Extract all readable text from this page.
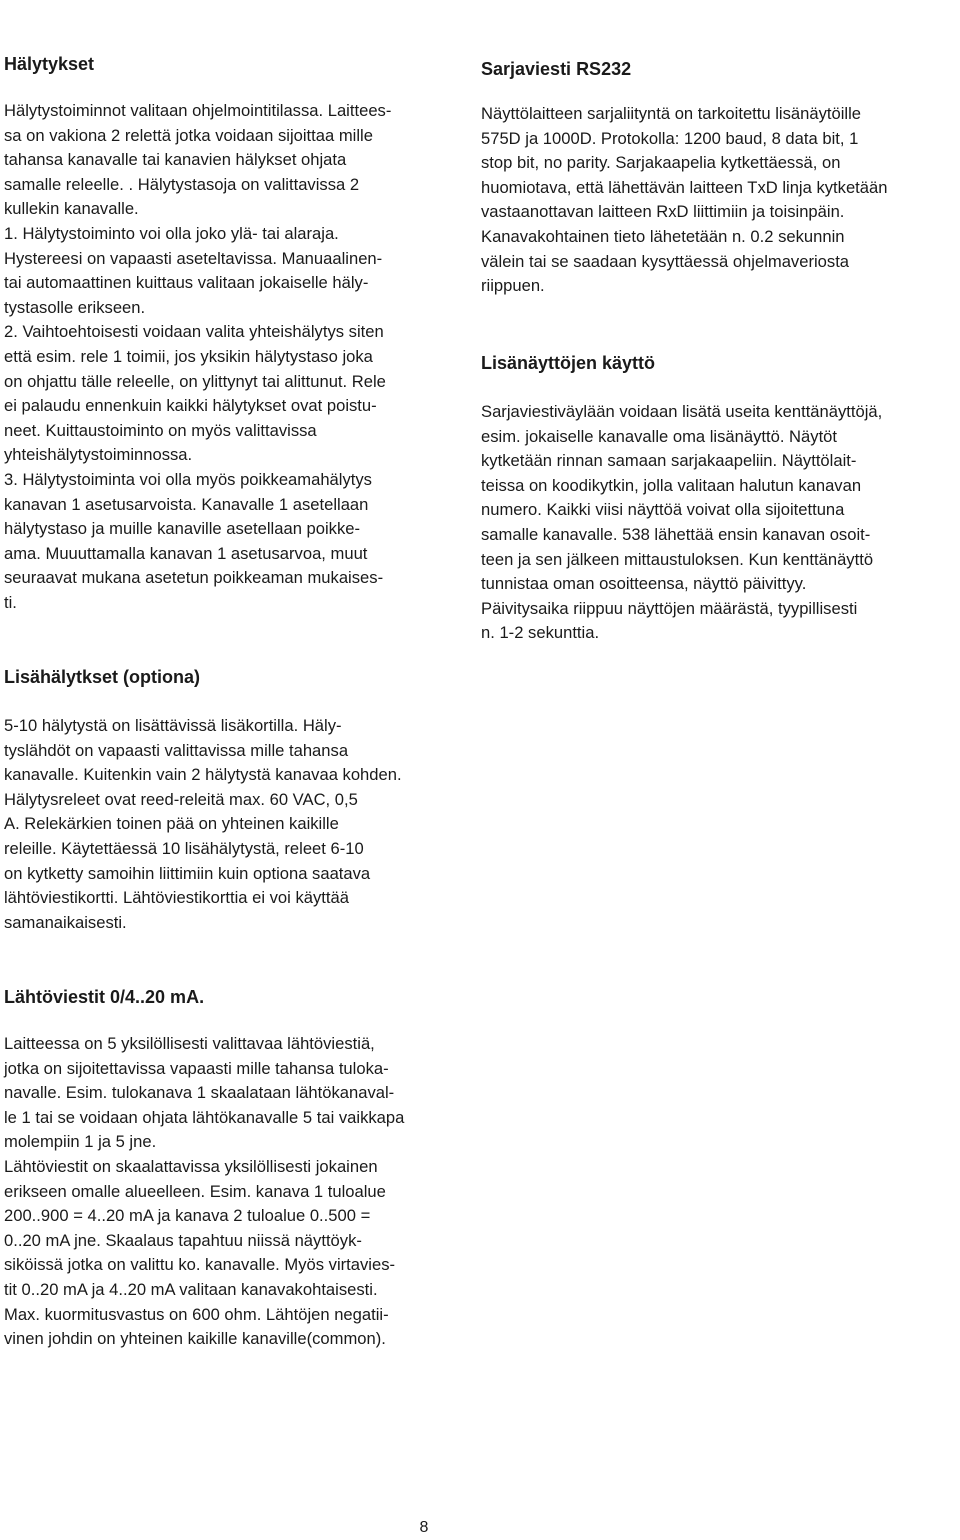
Hälytykset
Hälytystoiminnot valitaan ohjelmointitilassa. Laittees-
sa on vakiona 2 relettä jotka voidaan sijoittaa mille
tahansa kanavalle tai kanavien hälykset ohjata
samalle releelle. . Hälytystasoja on valittavissa 2
kullekin kanavalle.
1. Hälytystoiminto voi olla joko ylä- tai alaraja.
Hystereesi on vapaasti aseteltavissa. Manuaalinen-
tai automaattinen kuittaus valitaan jokaiselle häly-
tystasolle erikseen.
2. Vaihtoehtoisesti voidaan valita yhteishälytys siten
että esim. rele 1 toimii, jos yksikin hälytystaso joka
on ohjattu tälle releelle, on ylittynyt tai alittunut. Rele
ei palaudu ennenkuin kaikki hälytykset ovat poistu-
neet. Kuittaustoiminto on myös valittavissa
yhteishälytystoiminnossa.
3. Hälytystoiminta voi olla myös poikkeamahälytys
kanavan 1 asetusarvoista. Kanavalle 1 asetellaan
hälytystaso ja muille kanaville asetellaan poikke-
ama. Muuuttamalla kanavan 1 asetusarvoa, muut
seuraavat mukana asetetun poikkeaman mukaises-
ti.
Lisähälytkset (optiona)
5-10 hälytystä on lisättävissä lisäkortilla. Häly-
tyslähdöt on vapaasti valittavissa mille tahansa
kanavalle. Kuitenkin vain 2 hälytystä kanavaa kohden.
Hälytysreleet ovat reed-releitä max. 60 VAC, 0,5
A. Relekärkien toinen pää on yhteinen kaikille
releille. Käytettäessä 10 lisähälytystä, releet 6-10
on kytketty samoihin liittimiin kuin optiona saatava
lähtöviestikortti. Lähtöviestikorttia ei voi käyttää
samanaikaisesti.
Lähtöviestit 0/4..20 mA.
Laitteessa on 5 yksilöllisesti valittavaa lähtöviestiä,
jotka on sijoitettavissa vapaasti mille tahansa tuloka-
navalle. Esim. tulokanava 1 skaalataan lähtökanaval-
le 1 tai se voidaan ohjata lähtökanavalle 5 tai vaikkapa
molempiin 1 ja 5 jne.
Lähtöviestit on skaalattavissa yksilöllisesti jokainen
erikseen omalle alueelleen. Esim. kanava 1 tuloalue
200..900 = 4..20 mA ja kanava 2 tuloalue 0..500 =
0..20 mA jne. Skaalaus tapahtuu niissä näyttöyk-
siköissä jotka on valittu ko. kanavalle. Myös virtavies-
tit 0..20 mA ja 4..20 mA valitaan kanavakohtaisesti.
Max. kuormitusvastus on 600 ohm. Lähtöjen negatii-
vinen johdin on yhteinen kaikille kanaville(common).
Sarjaviesti RS232
Näyttölaitteen sarjaliityntä on tarkoitettu lisänäytöille
575D ja 1000D. Protokolla: 1200 baud, 8 data bit, 1
stop bit, no parity. Sarjakaapelia kytkettäessä, on
huomiotava, että lähettävän laitteen TxD linja kytketään
vastaanottavan laitteen RxD liittimiin ja toisinpäin.
Kanavakohtainen tieto lähetetään n. 0.2 sekunnin
välein tai se saadaan kysyttäessä ohjelmaveriosta
riippuen.
Lisänäyttöjen käyttö
Sarjaviestiväylään voidaan lisätä useita kenttänäyttöjä,
esim. jokaiselle kanavalle oma lisänäyttö. Näytöt
kytketään rinnan samaan sarjakaapeliin. Näyttölait-
teissa on koodikytkin, jolla valitaan halutun kanavan
numero. Kaikki viisi näyttöä voivat olla sijoitettuna
samalle kanavalle. 538 lähettää ensin kanavan osoit-
teen ja sen jälkeen mittaustuloksen. Kun kenttänäyttö
tunnistaa oman osoitteensa, näyttö päivittyy.
Päivitysaika riippuu näyttöjen määrästä, tyypillisesti
n. 1-2 sekunttia.
8
